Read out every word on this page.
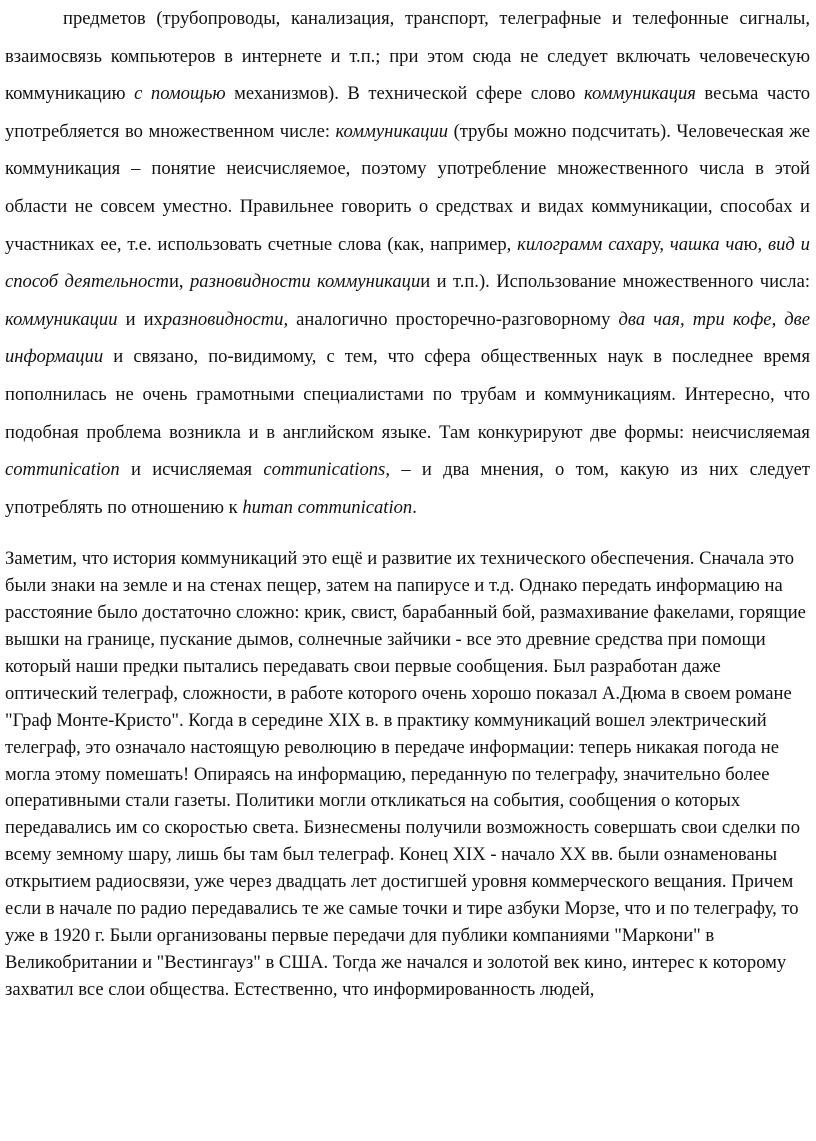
предметов (трубопроводы, канализация, транспорт, телеграфные и телефонные сигналы, взаимосвязь компьютеров в интернете и т.п.; при этом сюда не следует включать человеческую коммуникацию с помощью механизмов). В технической сфере слово коммуникация весьма часто употребляется во множественном числе: коммуникации (трубы можно подсчитать). Человеческая же коммуникация – понятие неисчисляемое, поэтому употребление множественного числа в этой области не совсем уместно. Правильнее говорить о средствах и видах коммуникации, способах и участниках ее, т.е. использовать счетные слова (как, например, килограмм сахару, чашка чаю, вид и способ деятельности, разновидности коммуникации и т.п.). Использование множественного числа: коммуникации и ихразновидности, аналогично просторечно-разговорному два чая, три кофе, две информации и связано, по-видимому, с тем, что сфера общественных наук в последнее время пополнилась не очень грамотными специалистами по трубам и коммуникациям. Интересно, что подобная проблема возникла и в английском языке. Там конкурируют две формы: неисчисляемая communication и исчисляемая communications, – и два мнения, о том, какую из них следует употреблять по отношению к human communication.

Заметим, что история коммуникаций это ещё и развитие их технического обеспечения. Сначала это были знаки на земле и на стенах пещер, затем на папирусе и т.д. Однако передать информацию на расстояние было достаточно сложно: крик, свист, барабанный бой, размахивание факелами, горящие вышки на границе, пускание дымов, солнечные зайчики - все это древние средства при помощи который наши предки пытались передавать свои первые сообщения. Был разработан даже оптический телеграф, сложности, в работе которого очень хорошо показал А.Дюма в своем романе "Граф Монте-Кристо". Когда в середине XIX в. в практику коммуникаций вошел электрический телеграф, это означало настоящую революцию в передаче информации: теперь никакая погода не могла этому помешать! Опираясь на информацию, переданную по телеграфу, значительно более оперативными стали газеты. Политики могли откликаться на события, сообщения о которых передавались им со скоростью света. Бизнесмены получили возможность совершать свои сделки по всему земному шару, лишь бы там был телеграф. Конец XIX - начало XX вв. были ознаменованы открытием радиосвязи, уже через двадцать лет достигшей уровня коммерческого вещания. Причем если в начале по радио передавались те же самые точки и тире азбуки Морзе, что и по телеграфу, то уже в 1920 г. Были организованы первые передачи для публики компаниями "Маркони" в Великобритании и "Вестингауз" в США. Тогда же начался и золотой век кино, интерес к которому захватил все слои общества. Естественно, что информированность людей,
